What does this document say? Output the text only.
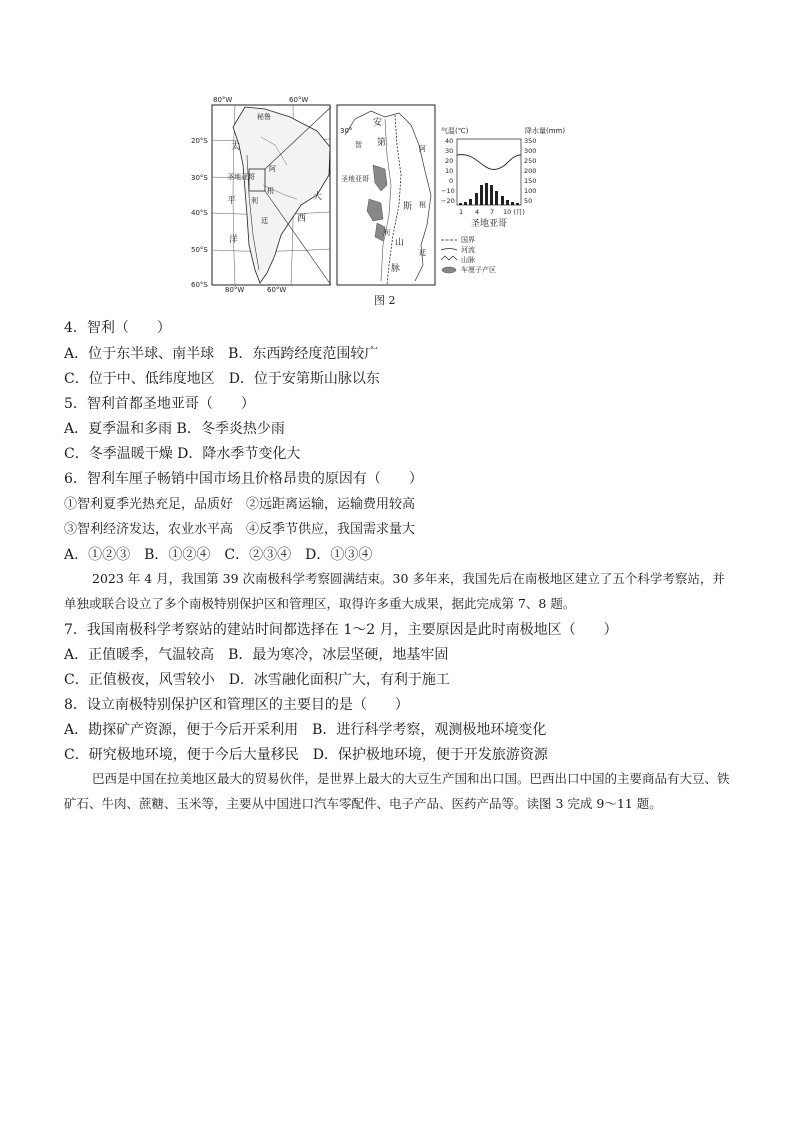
80°W	60°W
80°W	60°W
20°S
30°S
40°S
50°S
60°S
秘鲁
太
平
洋
大
西
阿
根
廷
利
圣地亚哥
30°
安
第
斯
山
脉
智
利
阿
根
廷
圣地亚哥
气温(℃)	降水量(mm)
40
30
20
10
0
−10
−20
350
300
250
200
150
100
50
1 4 7 10 (月)
圣地亚哥
国界
河流
山脉
车厘子产区
图 2
4．智利（　　）
A．位于东半球、南半球　B．东西跨经度范围较广
C．位于中、低纬度地区　D．位于安第斯山脉以东
5．智利首都圣地亚哥（　　）
A．夏季温和多雨 B．冬季炎热少雨
C．冬季温暖干燥 D．降水季节变化大
6．智利车厘子畅销中国市场且价格昂贵的原因有（　　）
①智利夏季光热充足，品质好　②远距离运输，运输费用较高
③智利经济发达，农业水平高　④反季节供应，我国需求量大
A．①②③　B．①②④　C．②③④　D．①③④
2023 年 4 月，我国第 39 次南极科学考察圆满结束。30 多年来，我国先后在南极地区建立了五个科学考察站，并单独或联合设立了多个南极特别保护区和管理区，取得许多重大成果，据此完成第 7、8 题。
7．我国南极科学考察站的建站时间都选择在 1～2 月，主要原因是此时南极地区（　　）
A．正值暖季，气温较高　B．最为寒冷，冰层坚硬，地基牢固
C．正值极夜，风雪较小　D．冰雪融化面积广大，有利于施工
8．设立南极特别保护区和管理区的主要目的是（　　）
A．勘探矿产资源，便于今后开采利用　B．进行科学考察，观测极地环境变化
C．研究极地环境，便于今后大量移民　D．保护极地环境，便于开发旅游资源
巴西是中国在拉美地区最大的贸易伙伴，是世界上最大的大豆生产国和出口国。巴西出口中国的主要商品有大豆、铁矿石、牛肉、蔗糖、玉米等，主要从中国进口汽车零配件、电子产品、医药产品等。读图 3 完成 9～11 题。
